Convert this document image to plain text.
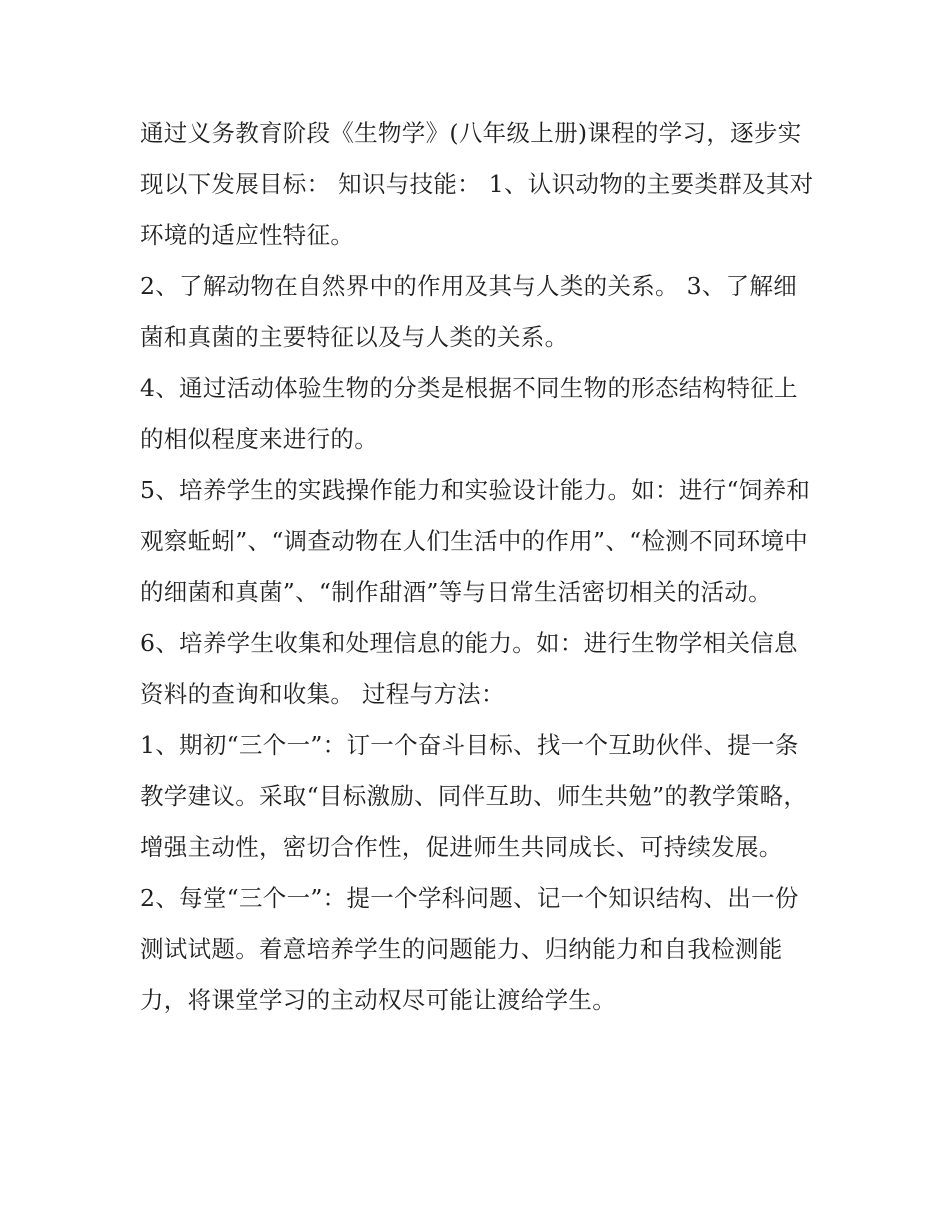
通过义务教育阶段《生物学》(八年级上册)课程的学习，逐步实现以下发展目标： 知识与技能： 1、认识动物的主要类群及其对环境的适应性特征。

2、了解动物在自然界中的作用及其与人类的关系。 3、了解细菌和真菌的主要特征以及与人类的关系。

4、通过活动体验生物的分类是根据不同生物的形态结构特征上的相似程度来进行的。

5、培养学生的实践操作能力和实验设计能力。如：进行“饲养和观察蚯蚓”、“调查动物在人们生活中的作用”、“检测不同环境中的细菌和真菌”、“制作甜酒”等与日常生活密切相关的活动。

6、培养学生收集和处理信息的能力。如：进行生物学相关信息资料的查询和收集。 过程与方法：

1、期初“三个一”：订一个奋斗目标、找一个互助伙伴、提一条教学建议。采取“目标激励、同伴互助、师生共勉”的教学策略，增强主动性，密切合作性，促进师生共同成长、可持续发展。

2、每堂“三个一”：提一个学科问题、记一个知识结构、出一份测试试题。着意培养学生的问题能力、归纳能力和自我检测能力，将课堂学习的主动权尽可能让渡给学生。
